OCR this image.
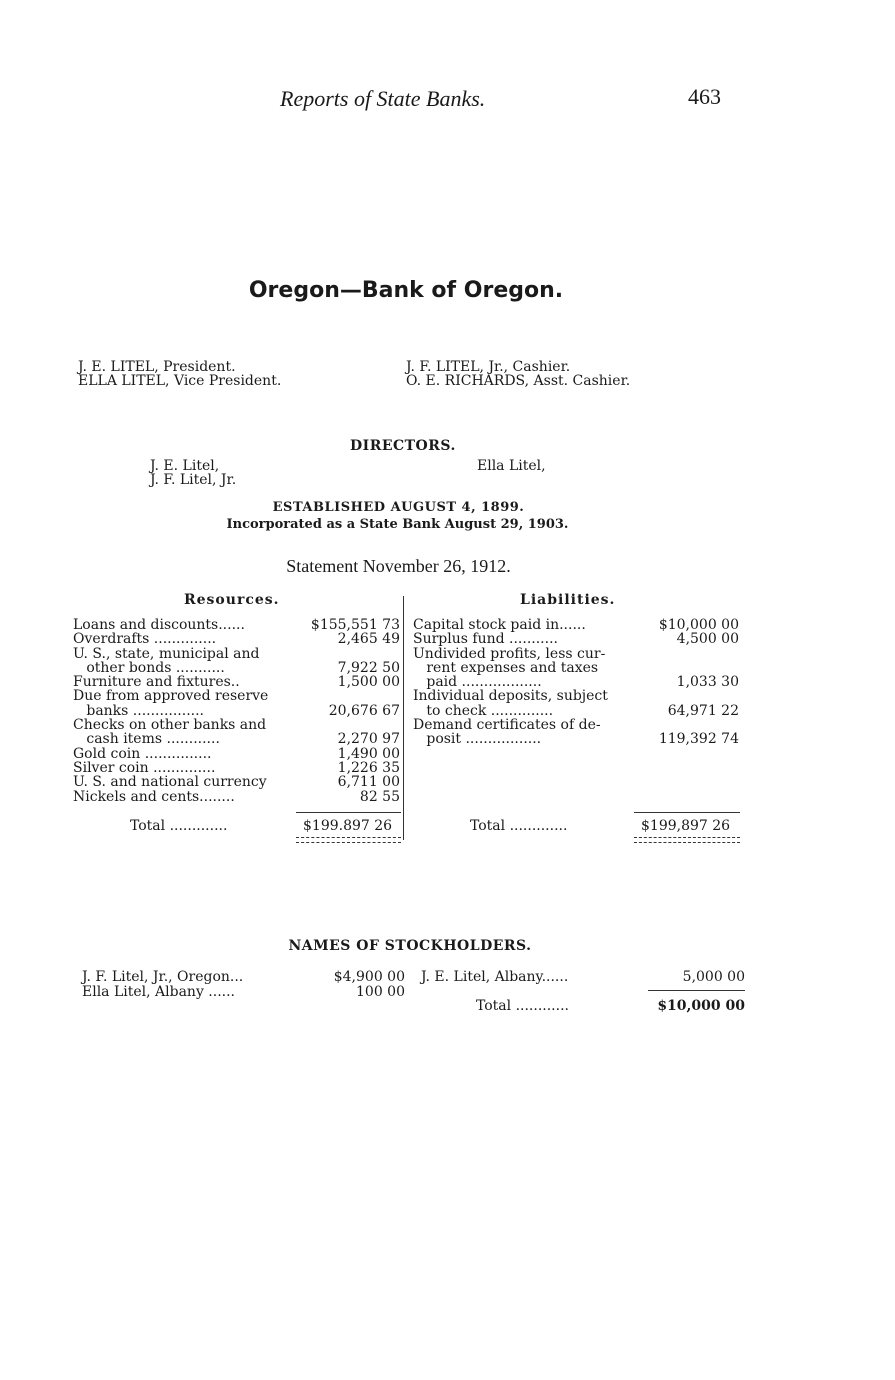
Reports of State Banks.	463
Oregon—Bank of Oregon.
J. E. LITEL, President.
ELLA LITEL, Vice President.
J. F. LITEL, Jr., Cashier.
O. E. RICHARDS, Asst. Cashier.
DIRECTORS.
J. E. Litel,
J. F. Litel, Jr.
Ella Litel,
ESTABLISHED AUGUST 4, 1899.
Incorporated as a State Bank August 29, 1903.
Statement November 26, 1912.
Resources.	Liabilities.
Loans and discounts......	$155,551 73
Overdrafts ..............	2,465 49
U. S., state, municipal and
other bonds ...........	7,922 50
Furniture and fixtures..	1,500 00
Due from approved reserve
banks ................	20,676 67
Checks on other banks and
cash items ............	2,270 97
Gold coin ...............	1,490 00
Silver coin ..............	1,226 35
U. S. and national currency	6,711 00
Nickels and cents........	82 55
Capital stock paid in......	$10,000 00
Surplus fund ...........	4,500 00
Undivided profits, less cur-
rent expenses and taxes
paid ..................	1,033 30
Individual deposits, subject
to check ..............	64,971 22
Demand certificates of de-
posit .................	119,392 74
Total .............	$199.897 26	Total .............	$199,897 26
NAMES OF STOCKHOLDERS.
J. F. Litel, Jr., Oregon...	$4,900 00
Ella Litel, Albany ......	100 00
J. E. Litel, Albany......	5,000 00
Total ............	$10,000 00
